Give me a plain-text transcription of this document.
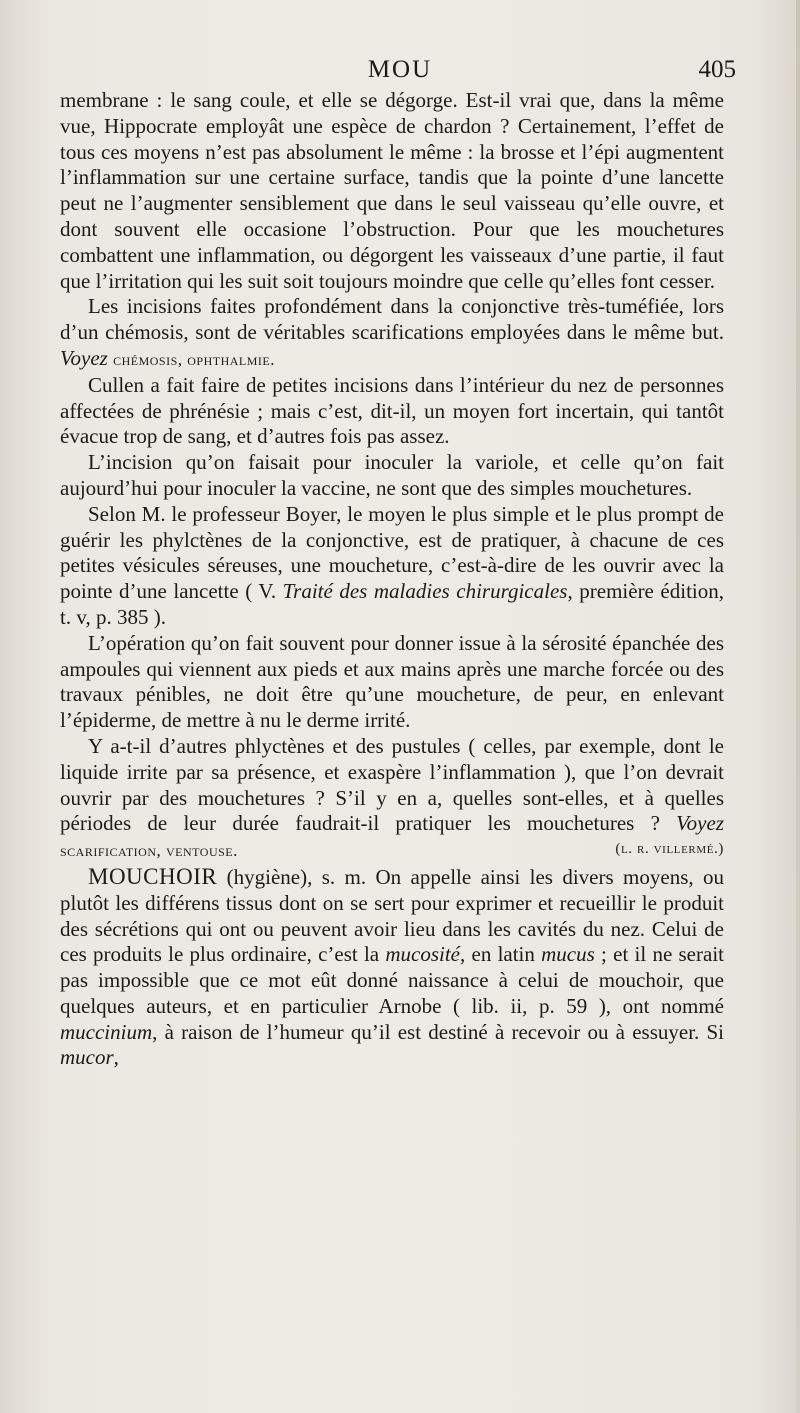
MOU	405

membrane : le sang coule, et elle se dégorge. Est-il vrai que, dans la même vue, Hippocrate employât une espèce de chardon ? Certainement, l’effet de tous ces moyens n’est pas absolument le même : la brosse et l’épi augmentent l’inflammation sur une certaine surface, tandis que la pointe d’une lancette peut ne l’augmenter sensiblement que dans le seul vaisseau qu’elle ouvre, et dont souvent elle occasione l’obstruction. Pour que les mouchetures combattent une inflammation, ou dégorgent les vaisseaux d’une partie, il faut que l’irritation qui les suit soit toujours moindre que celle qu’elles font cesser.

Les incisions faites profondément dans la conjonctive très-tuméfiée, lors d’un chémosis, sont de véritables scarifications employées dans le même but. Voyez chémosis, ophthalmie.

Cullen a fait faire de petites incisions dans l’intérieur du nez de personnes affectées de phrénésie ; mais c’est, dit-il, un moyen fort incertain, qui tantôt évacue trop de sang, et d’autres fois pas assez.

L’incision qu’on faisait pour inoculer la variole, et celle qu’on fait aujourd’hui pour inoculer la vaccine, ne sont que des simples mouchetures.

Selon M. le professeur Boyer, le moyen le plus simple et le plus prompt de guérir les phylctènes de la conjonctive, est de pratiquer, à chacune de ces petites vésicules séreuses, une moucheture, c’est-à-dire de les ouvrir avec la pointe d’une lancette ( V. Traité des maladies chirurgicales, première édition, t. v, p. 385 ).

L’opération qu’on fait souvent pour donner issue à la sérosité épanchée des ampoules qui viennent aux pieds et aux mains après une marche forcée ou des travaux pénibles, ne doit être qu’une moucheture, de peur, en enlevant l’épiderme, de mettre à nu le derme irrité.

Y a-t-il d’autres phlyctènes et des pustules ( celles, par exemple, dont le liquide irrite par sa présence, et exaspère l’inflammation ), que l’on devrait ouvrir par des mouchetures ? S’il y en a, quelles sont-elles, et à quelles périodes de leur durée faudrait-il pratiquer les mouchetures ? Voyez scarification, ventouse.	(l. r. villermé.)

MOUCHOIR (hygiène), s. m. On appelle ainsi les divers moyens, ou plutôt les différens tissus dont on se sert pour exprimer et recueillir le produit des sécrétions qui ont ou peuvent avoir lieu dans les cavités du nez. Celui de ces produits le plus ordinaire, c’est la mucosité, en latin mucus ; et il ne serait pas impossible que ce mot eût donné naissance à celui de mouchoir, que quelques auteurs, et en particulier Arnobe ( lib. ii, p. 59 ), ont nommé muccinium, à raison de l’humeur qu’il est destiné à recevoir ou à essuyer. Si mucor,
